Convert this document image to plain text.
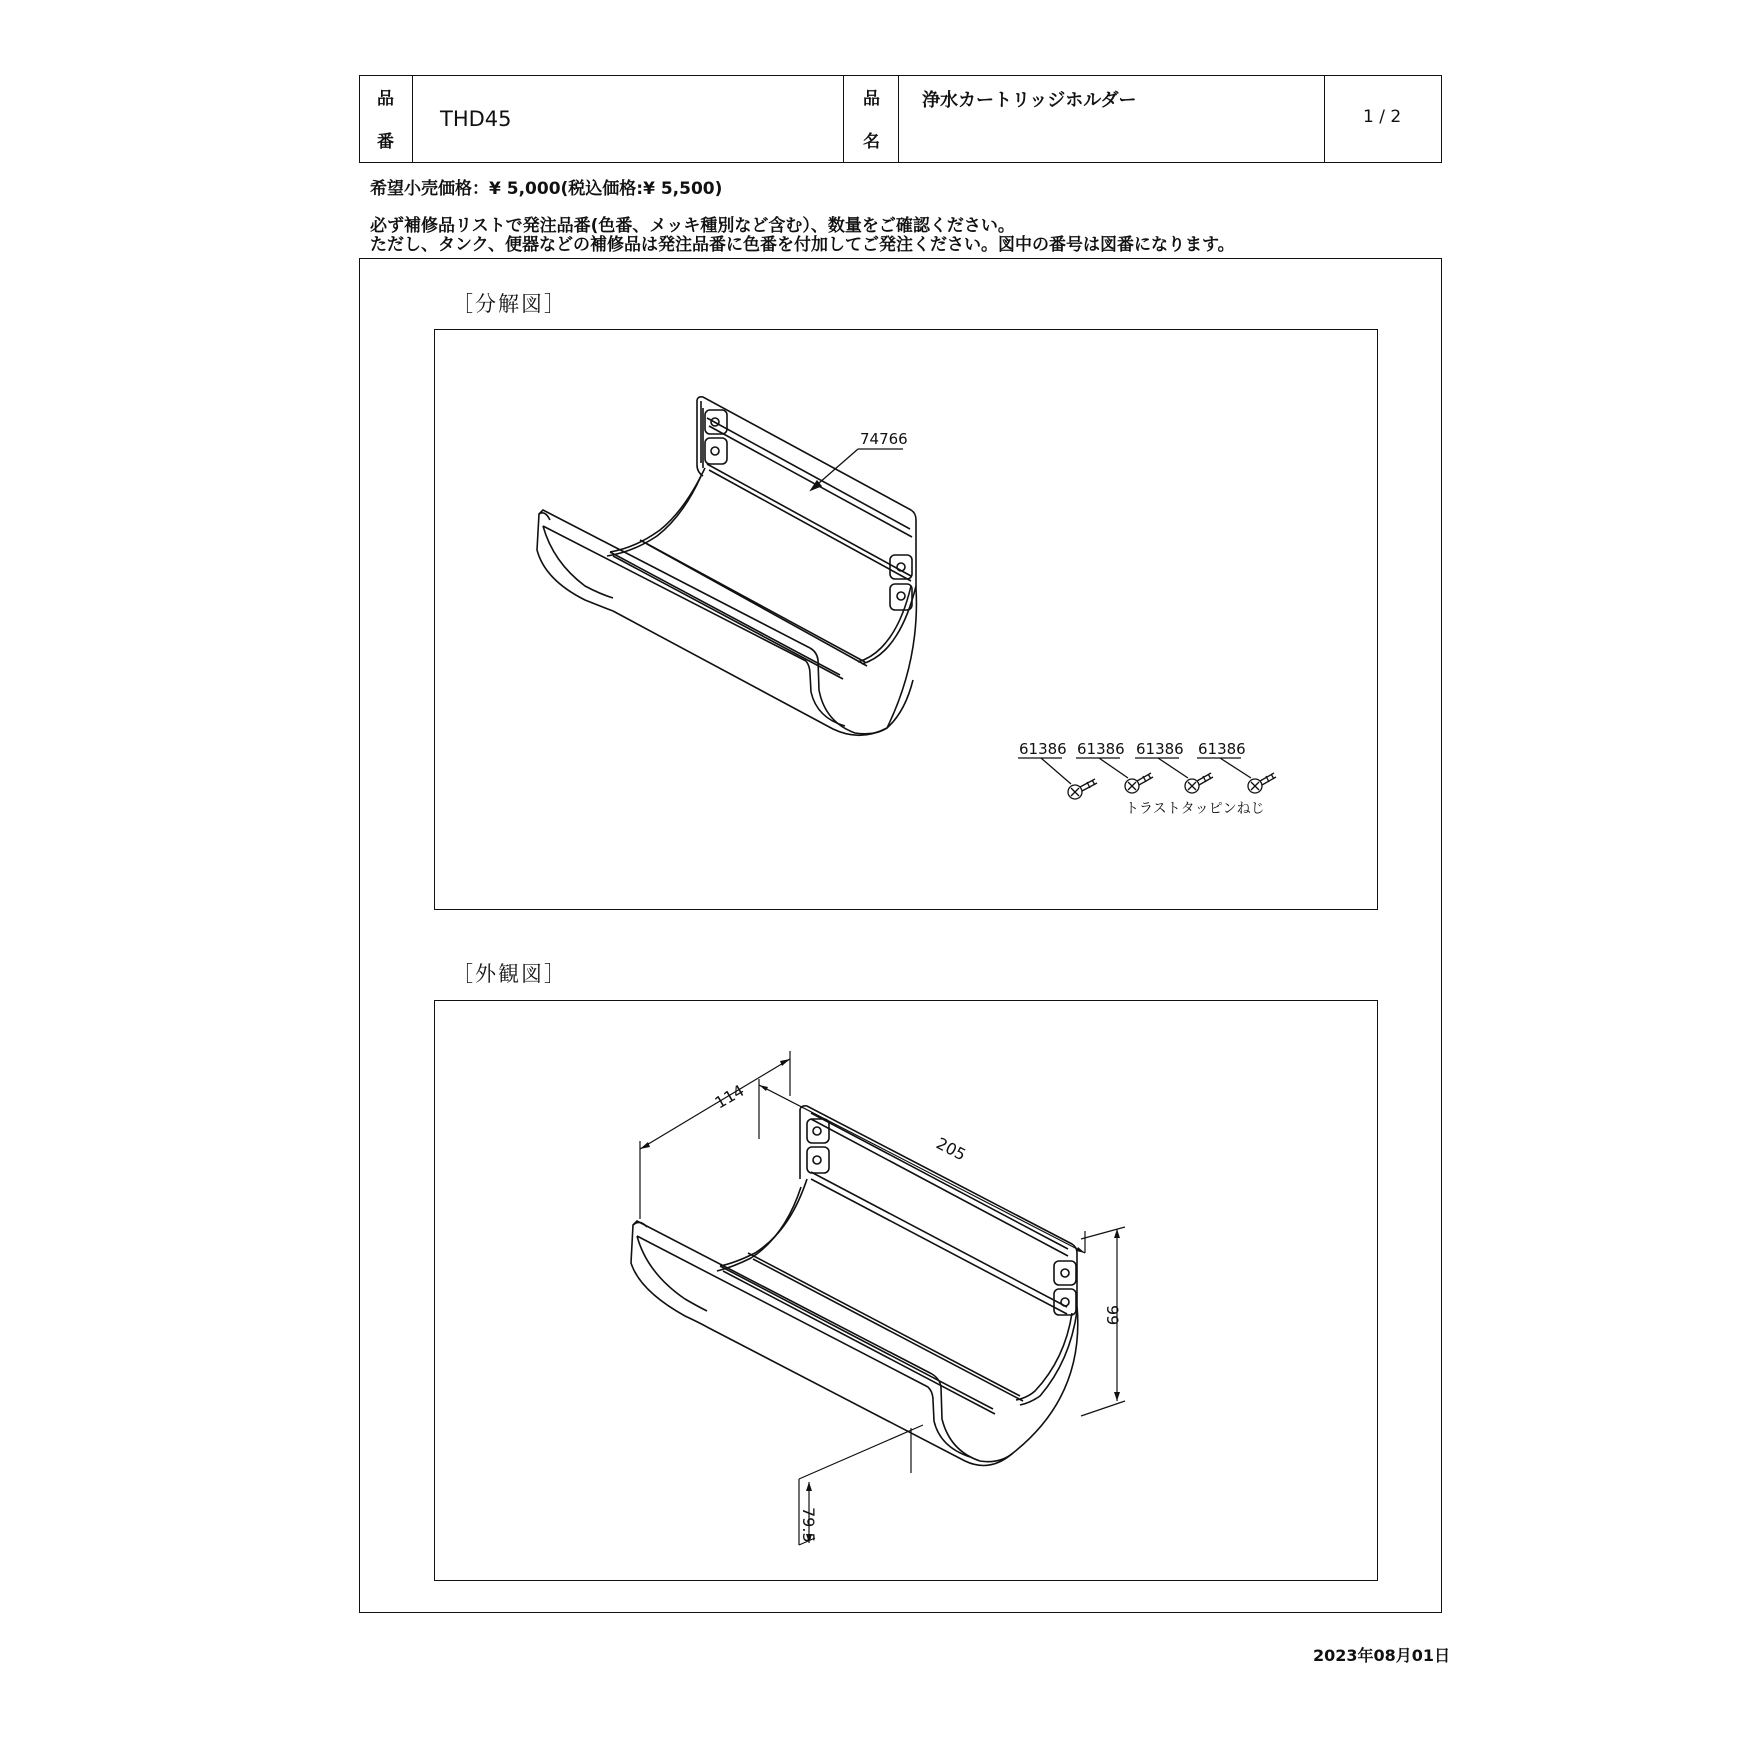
品
番
THD45
品
名
浄水カートリッジホルダー
1 / 2
希望小売価格：¥ 5,000(税込価格:¥ 5,500)
必ず補修品リストで発注品番(色番、メッキ種別など含む）、数量をご確認ください。
ただし、タンク、便器などの補修品は発注品番に色番を付加してご発注ください。図中の番号は図番になります。
［分解図］
74766
61386 61386 61386 61386
トラストタッピンねじ
［外観図］
114
205
99
79.5
2023年08月01日
